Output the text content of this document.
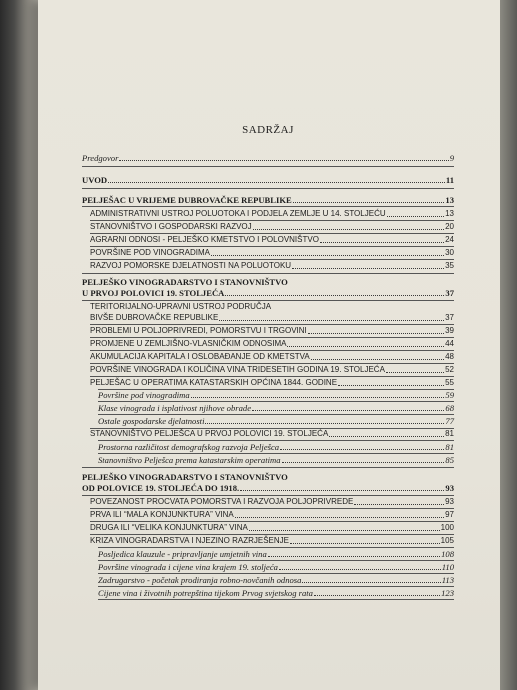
SADRŽAJ
Predgovor	9
UVOD	11
PELJEŠAC U VRIJEME DUBROVAČKE REPUBLIKE	13
ADMINISTRATIVNI USTROJ POLUOTOKA I PODJELA ZEMLJE U 14. STOLJEĆU	13
STANOVNIŠTVO I GOSPODARSKI RAZVOJ	20
AGRARNI ODNOSI - PELJEŠKO KMETSTVO I POLOVNIŠTVO	24
POVRŠINE POD VINOGRADIMA	30
RAZVOJ POMORSKE DJELATNOSTI NA POLUOTOKU	35
PELJEŠKO VINOGRADARSTVO I STANOVNIŠTVO
U PRVOJ POLOVICI 19. STOLJEĆA	37
TERITORIJALNO-UPRAVNI USTROJ PODRUČJA
BIVŠE DUBROVAČKE REPUBLIKE	37
PROBLEMI U POLJOPRIVREDI, POMORSTVU I TRGOVINI	39
PROMJENE U ZEMLJIŠNO-VLASNIČKIM ODNOSIMA	44
AKUMULACIJA KAPITALA I OSLOBAĐANJE OD KMETSTVA	48
POVRŠINE VINOGRADA I KOLIČINA VINA TRIDESETIH GODINA 19. STOLJEĆA	52
PELJEŠAC U OPERATIMA KATASTARSKIH OPĆINA 1844. GODINE	55
Površine pod vinogradima	59
Klase vinograda i isplativost njihove obrade	68
Ostale gospodarske djelatnosti	77
STANOVNIŠTVO PELJEŠCA U PRVOJ POLOVICI 19. STOLJEĆA	81
Prostorna različitost demografskog razvoja Pelješca	81
Stanovništvo Pelješca prema katastarskim operatima	85
PELJEŠKO VINOGRADARSTVO I STANOVNIŠTVO
OD POLOVICE 19. STOLJEĆA DO 1918.	93
POVEZANOST PROCVATA POMORSTVA I RAZVOJA POLJOPRIVREDE	93
PRVA ILI “MALA KONJUNKTURA” VINA	97
DRUGA ILI “VELIKA KONJUNKTURA” VINA	100
KRIZA VINOGRADARSTVA I NJEZINO RAZRJEŠENJE	105
Posljedica klauzule - pripravljanje umjetnih vina	108
Površine vinograda i cijene vina krajem 19. stoljeća	110
Zadrugarstvo - početak prodiranja robno-novčanih odnosa	113
Cijene vina i životnih potrepština tijekom Prvog svjetskog rata	123
